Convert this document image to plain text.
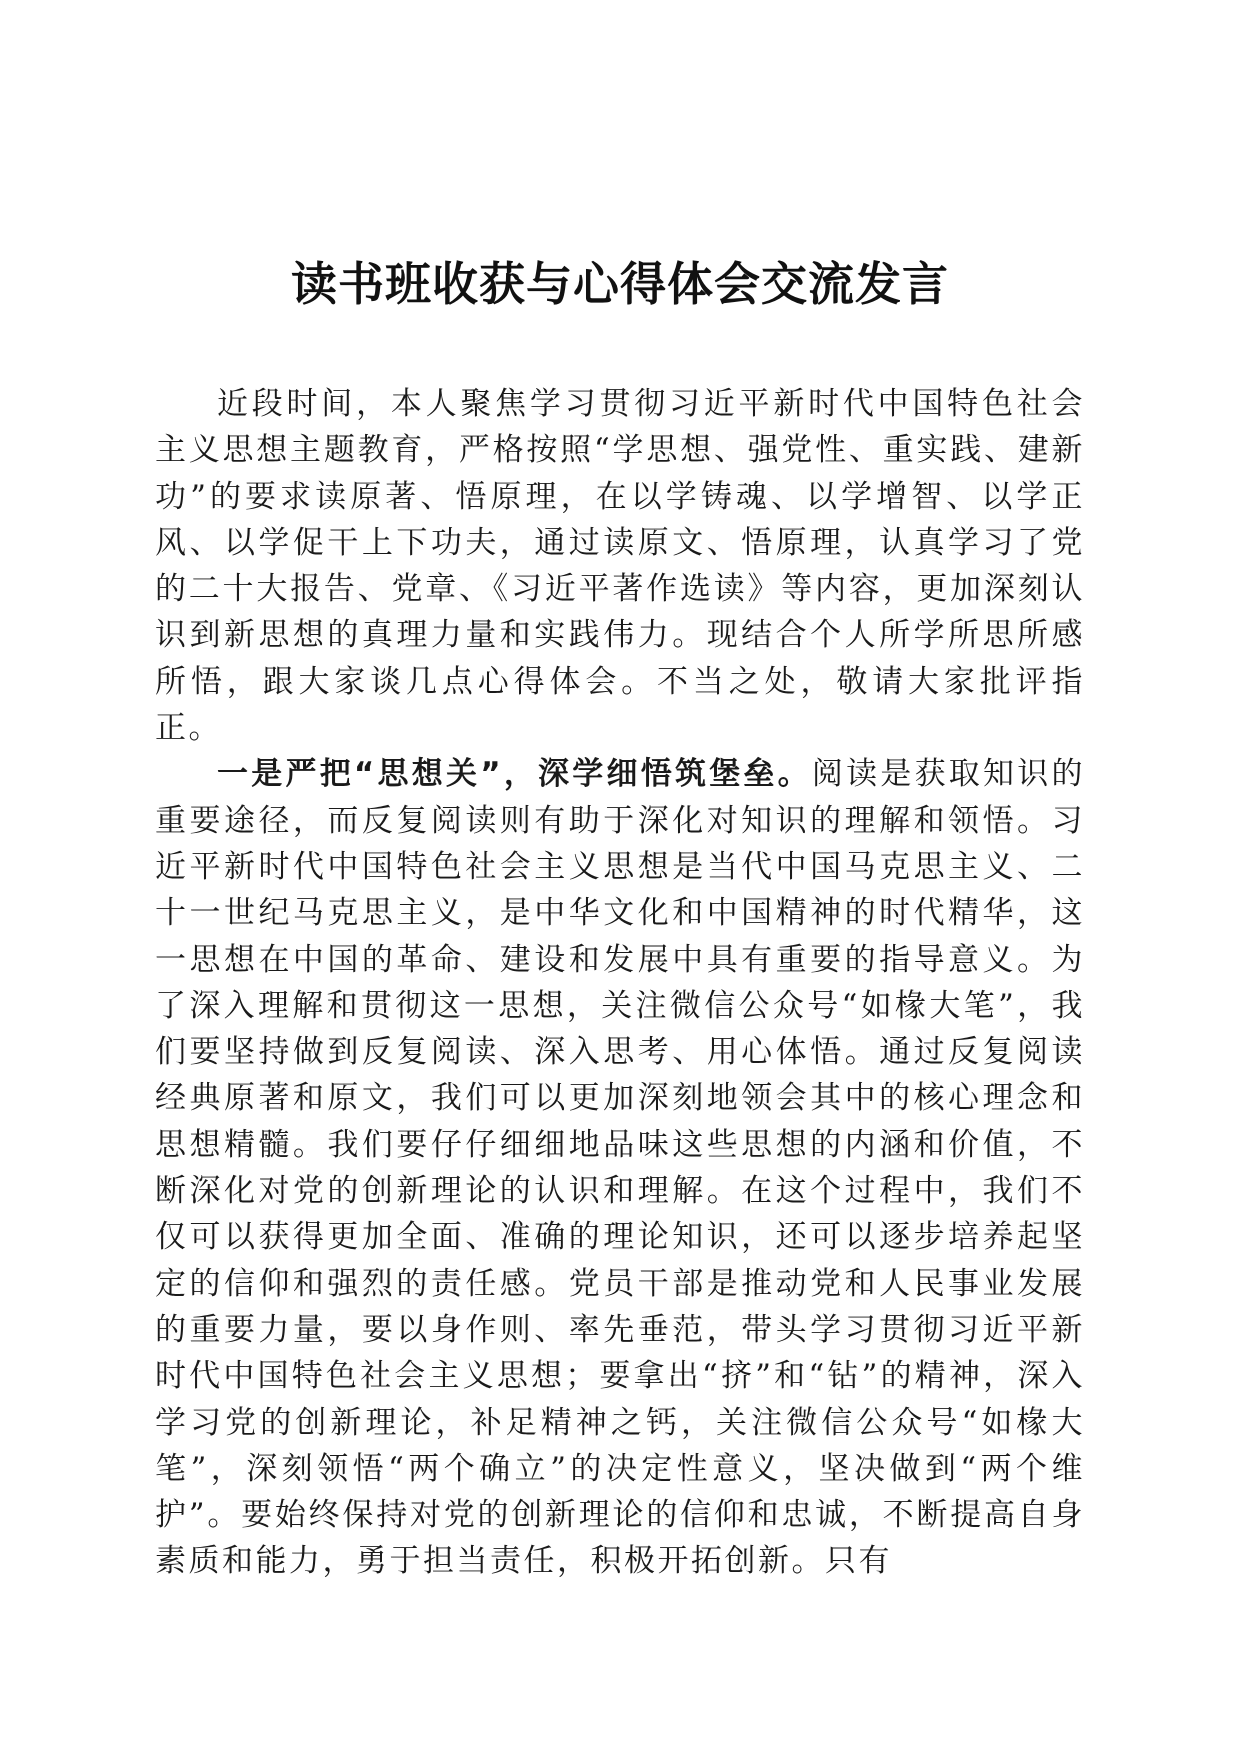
读书班收获与心得体会交流发言

近段时间，本人聚焦学习贯彻习近平新时代中国特色社会主义思想主题教育，严格按照“学思想、强党性、重实践、建新功”的要求读原著、悟原理，在以学铸魂、以学增智、以学正风、以学促干上下功夫，通过读原文、悟原理，认真学习了党的二十大报告、党章、《习近平著作选读》等内容，更加深刻认识到新思想的真理力量和实践伟力。现结合个人所学所思所感所悟，跟大家谈几点心得体会。不当之处，敬请大家批评指正。

一是严把“思想关”，深学细悟筑堡垒。阅读是获取知识的重要途径，而反复阅读则有助于深化对知识的理解和领悟。习近平新时代中国特色社会主义思想是当代中国马克思主义、二十一世纪马克思主义，是中华文化和中国精神的时代精华，这一思想在中国的革命、建设和发展中具有重要的指导意义。为了深入理解和贯彻这一思想，关注微信公众号“如椽大笔”，我们要坚持做到反复阅读、深入思考、用心体悟。通过反复阅读经典原著和原文，我们可以更加深刻地领会其中的核心理念和思想精髓。我们要仔仔细细地品味这些思想的内涵和价值，不断深化对党的创新理论的认识和理解。在这个过程中，我们不仅可以获得更加全面、准确的理论知识，还可以逐步培养起坚定的信仰和强烈的责任感。党员干部是推动党和人民事业发展的重要力量，要以身作则、率先垂范，带头学习贯彻习近平新时代中国特色社会主义思想；要拿出“挤”和“钻”的精神，深入学习党的创新理论，补足精神之钙，关注微信公众号“如椽大笔”，深刻领悟“两个确立”的决定性意义，坚决做到“两个维护”。要始终保持对党的创新理论的信仰和忠诚，不断提高自身素质和能力，勇于担当责任，积极开拓创新。只有
